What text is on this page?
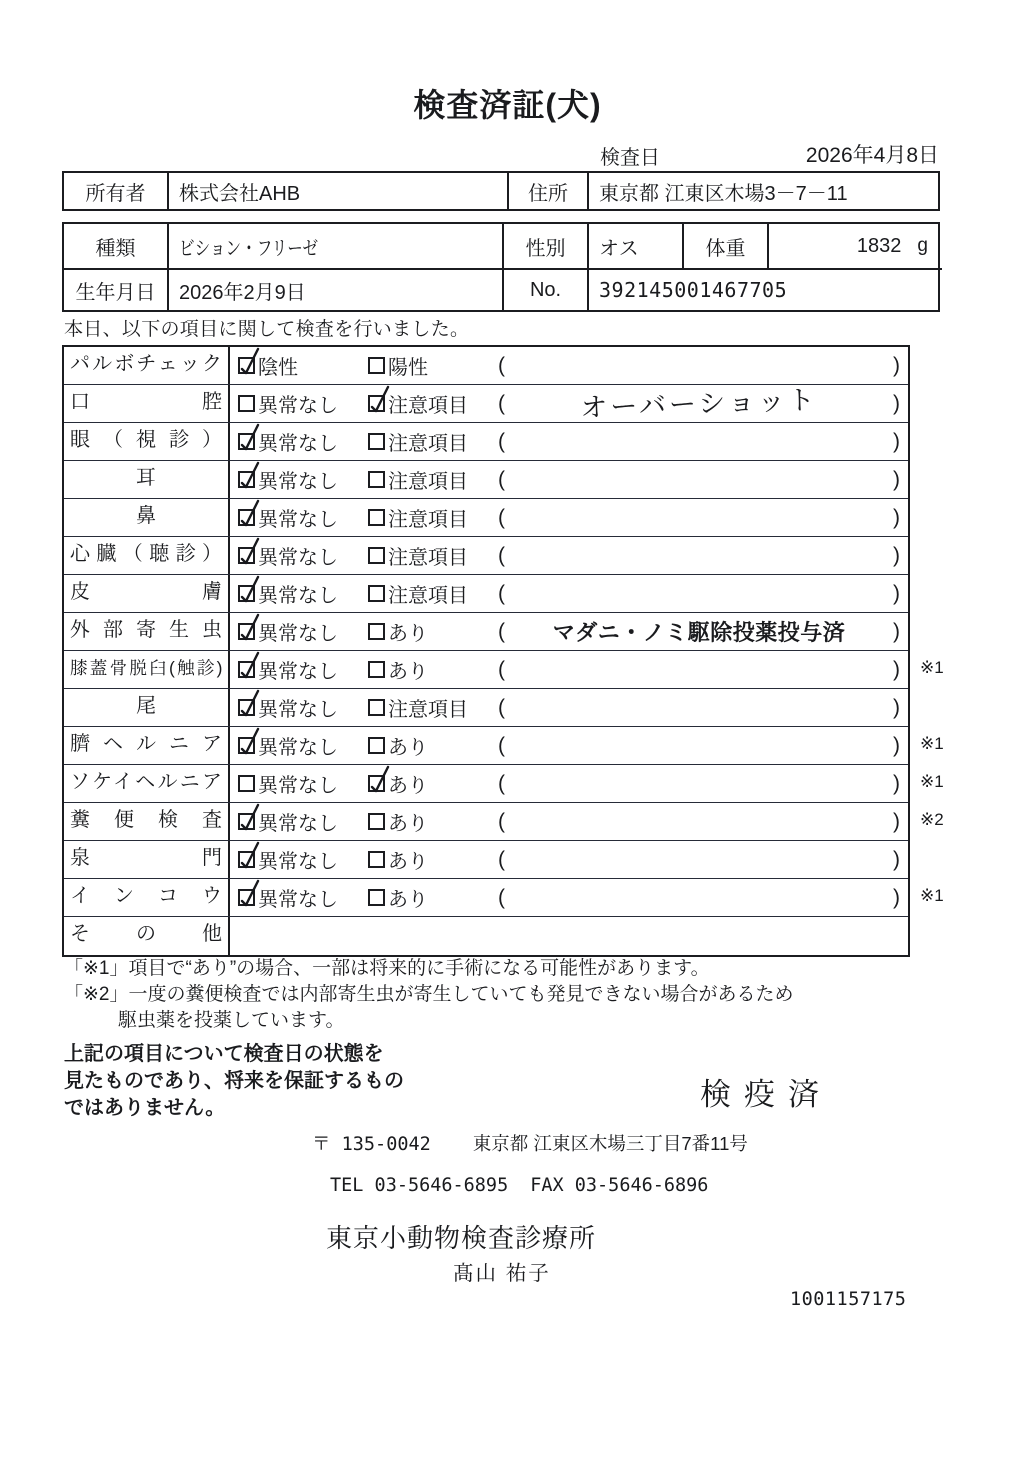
検査済証(犬)
検査日	2026年4月8日
所有者	株式会社AHB	住所	東京都 江東区木場3－7－11
種類	ビション・フリーゼ	性別	オス	体重	1832 g
生年月日	2026年2月9日	No.	392145001467705
本日、以下の項目に関して検査を行いました。
パルボチェック	陰性	陽性	(	)
口腔	異常なし	注意項目 (	オーバーショット	)
眼（視診）	異常なし	注意項目 (	)
耳	異常なし	注意項目 (	)
鼻	異常なし	注意項目 (	)
心臓（聴診）	異常なし	注意項目 (	)
皮膚	異常なし	注意項目 (	)
外部寄生虫	異常なし	あり	(	マダニ・ノミ駆除投薬投与済	)
膝蓋骨脱臼(触診)	異常なし	あり	(	) ※1
尾	異常なし	注意項目 (	)
臍ヘルニア	異常なし	あり	(	) ※1
ソケイヘルニア	異常なし	あり	(	) ※1
糞便検査	異常なし	あり	(	) ※2
泉門	異常なし	あり	(	)
インコウ	異常なし	あり	(	) ※1
その他
「※1」項目で“あり”の場合、一部は将来的に手術になる可能性があります。
「※2」一度の糞便検査では内部寄生虫が寄生していても発見できない場合があるため
駆虫薬を投薬しています。
上記の項目について検査日の状態を
見たものであり、将来を保証するもの
ではありません。	検疫済
〒 135-0042 東京都 江東区木場三丁目7番11号
TEL 03-5646-6895 FAX 03-5646-6896
東京小動物検査診療所
髙山 祐子
1001157175
